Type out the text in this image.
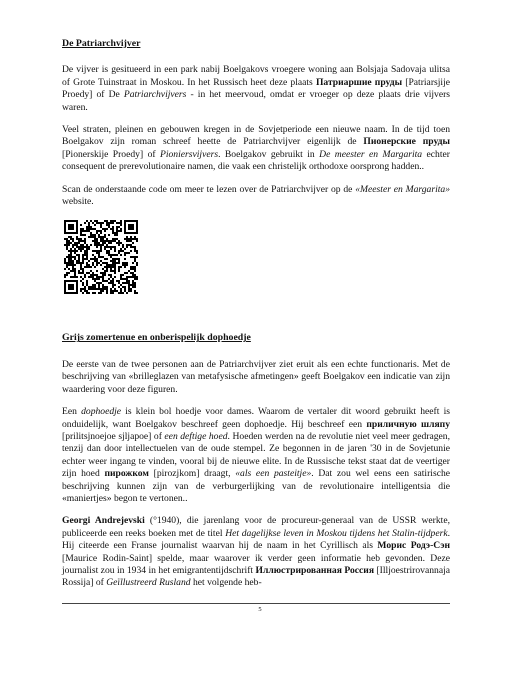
De Patriarchvijver

De vijver is gesitueerd in een park nabij Boelgakovs vroegere woning aan Bolsjaja Sadovaja ulitsa of Grote Tuinstraat in Moskou. In het Russisch heet deze plaats Патриаршие пруды [Patriarsjije Proedy] of De Patriarchvijvers - in het meervoud, omdat er vroeger op deze plaats drie vijvers waren.

Veel straten, pleinen en gebouwen kregen in de Sovjetperiode een nieuwe naam. In de tijd toen Boelgakov zijn roman schreef heette de Patriarchvijver eigenlijk de Пионерские пруды [Pionerskije Proedy] of Pioniersvijvers. Boelgakov gebruikt in De meester en Margarita echter consequent de prerevolutionaire namen, die vaak een christelijk orthodoxe oorsprong hadden..

Scan de onderstaande code om meer te lezen over de Patriarchvijver op de «Meester en Margarita» website.

Grijs zomertenue en onberispelijk dophoedje

De eerste van de twee personen aan de Patriarchvijver ziet eruit als een echte functionaris. Met de beschrijving van «brilleglazen van metafysische afmetingen» geeft Boelgakov een indicatie van zijn waardering voor deze figuren.

Een dophoedje is klein bol hoedje voor dames. Waarom de vertaler dit woord gebruikt heeft is onduidelijk, want Boelgakov beschreef geen dophoedje. Hij beschreef een приличную шляпу [prilitsjnoejoe sjljapoe] of een deftige hoed. Hoeden werden na de revolutie niet veel meer gedragen, tenzij dan door intellectuelen van de oude stempel. Ze begonnen in de jaren '30 in de Sovjetunie echter weer ingang te vinden, vooral bij de nieuwe elite. In de Russische tekst staat dat de veertiger zijn hoed пирожком [pirozjkom] draagt, «als een pasteitje». Dat zou wel eens een satirische beschrijving kunnen zijn van de verburgerlijking van de revolutionaire intelligentsia die «maniertjes» begon te vertonen..

Georgi Andrejevski (°1940), die jarenlang voor de procureur-generaal van de USSR werkte, publiceerde een reeks boeken met de titel Het dagelijkse leven in Moskou tijdens het Stalin-tijdperk. Hij citeerde een Franse journalist waarvan hij de naam in het Cyrillisch als Морис Родэ-Сэн [Maurice Rodin-Saint] spelde, maar waarover ik verder geen informatie heb gevonden. Deze journalist zou in 1934 in het emigrantentijdschrift Иллюстрированная Россия [Illjoestrirovannaja Rossija] of Geïllustreerd Rusland het volgende heb-

5
